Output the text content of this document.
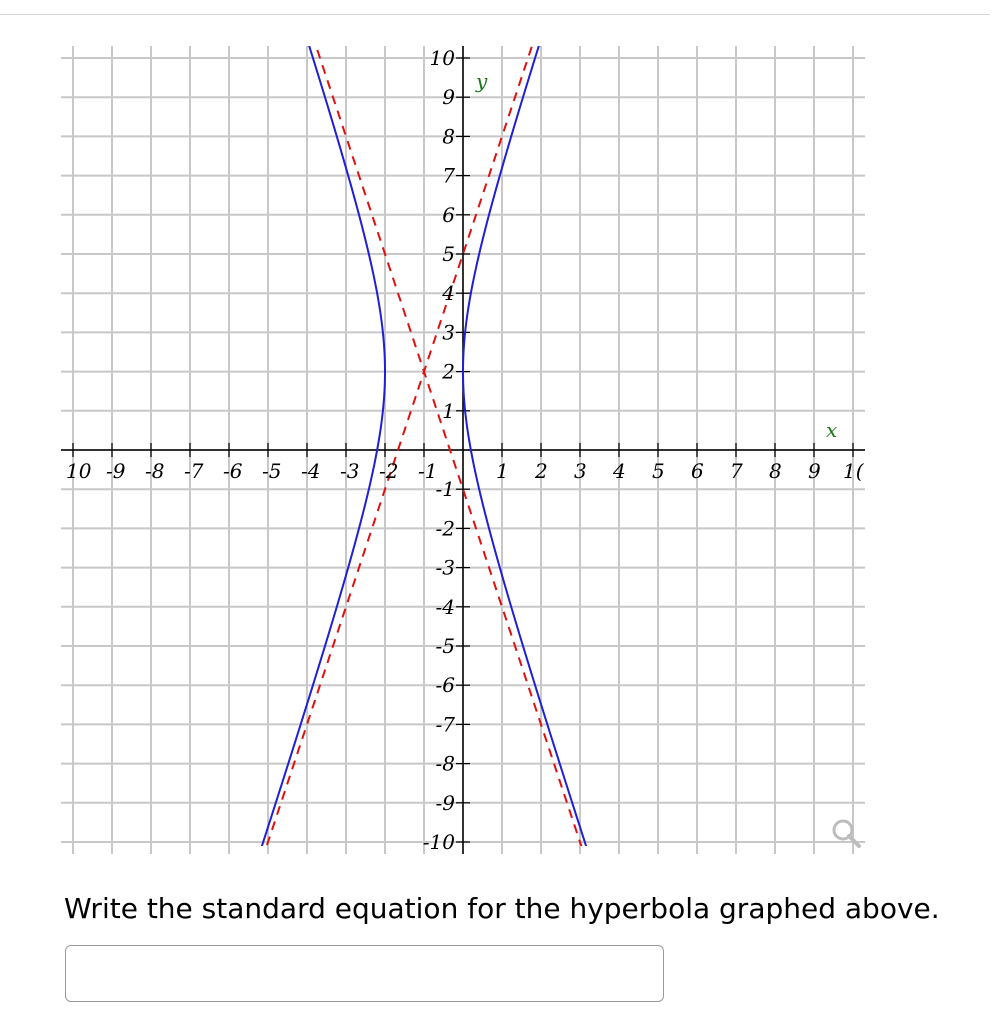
10 -9 -8 -7 -6 -5 -4 -3 -2 -1	1 2 3 4 5 6 7 8 9 1(
10
9
8
7
6
5
4
3
2
1
-1
-2
-3
-4
-5
-6
-7
-8
-9
-10
x
y
Write the standard equation for the hyperbola graphed above.
